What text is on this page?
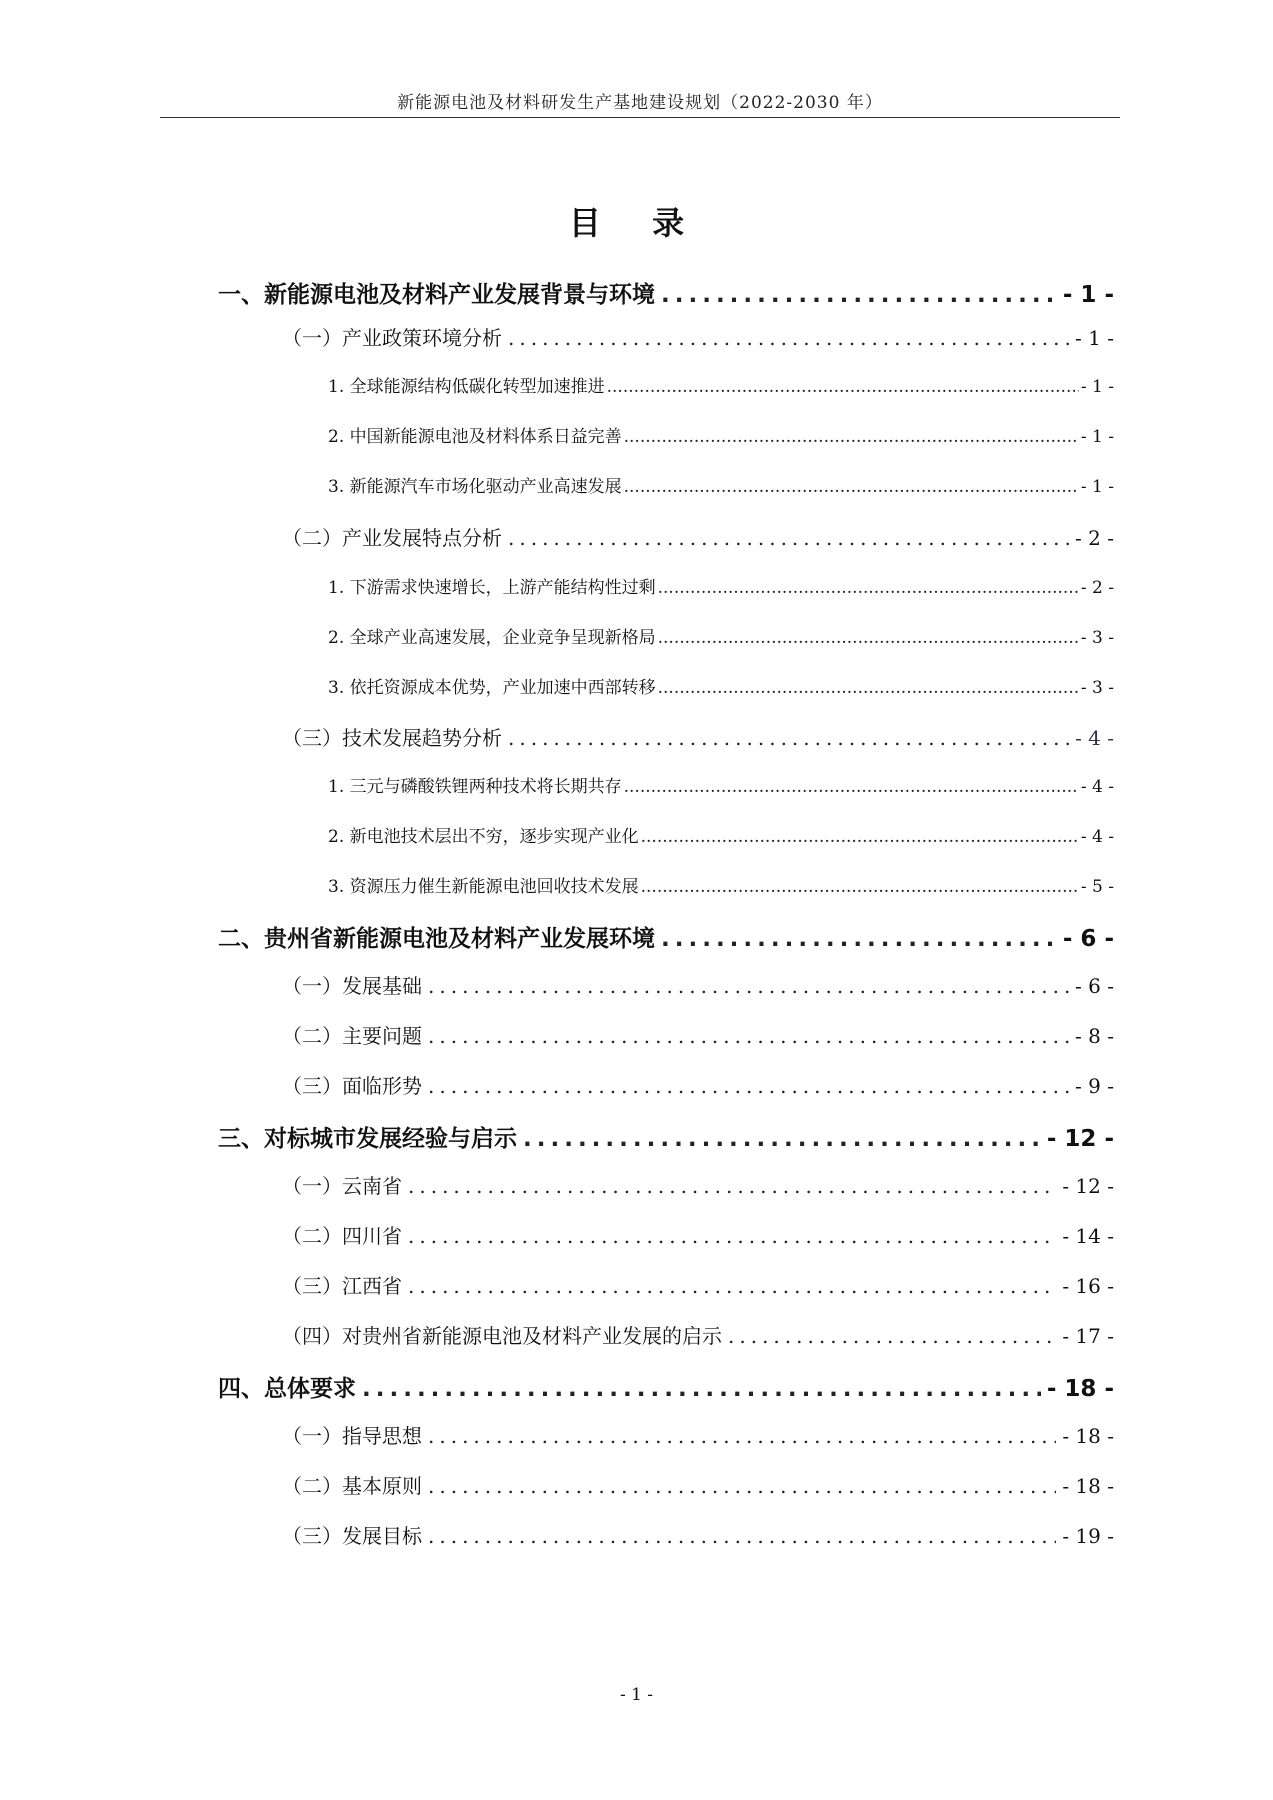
新能源电池及材料研发生产基地建设规划（2022-2030 年）
目 录
一、新能源电池及材料产业发展背景与环境 .....	- 1 -
（一）产业政策环境分析 .....	- 1 -
1. 全球能源结构低碳化转型加速推进 .....	- 1 -
2. 中国新能源电池及材料体系日益完善 .....	- 1 -
3. 新能源汽车市场化驱动产业高速发展 .....	- 1 -
（二）产业发展特点分析 .....	- 2 -
1. 下游需求快速增长，上游产能结构性过剩 .....	- 2 -
2. 全球产业高速发展，企业竞争呈现新格局 .....	- 3 -
3. 依托资源成本优势，产业加速中西部转移 .....	- 3 -
（三）技术发展趋势分析 .....	- 4 -
1. 三元与磷酸铁锂两种技术将长期共存 .....	- 4 -
2. 新电池技术层出不穷，逐步实现产业化 .....	- 4 -
3. 资源压力催生新能源电池回收技术发展 .....	- 5 -
二、贵州省新能源电池及材料产业发展环境 .....	- 6 -
（一）发展基础 .....	- 6 -
（二）主要问题 .....	- 8 -
（三）面临形势 .....	- 9 -
三、对标城市发展经验与启示 .....	- 12 -
（一）云南省 .....	- 12 -
（二）四川省 .....	- 14 -
（三）江西省 .....	- 16 -
（四）对贵州省新能源电池及材料产业发展的启示 .....	- 17 -
四、总体要求 .....	- 18 -
（一）指导思想 .....	- 18 -
（二）基本原则 .....	- 18 -
（三）发展目标 .....	- 19 -
- 1 -
